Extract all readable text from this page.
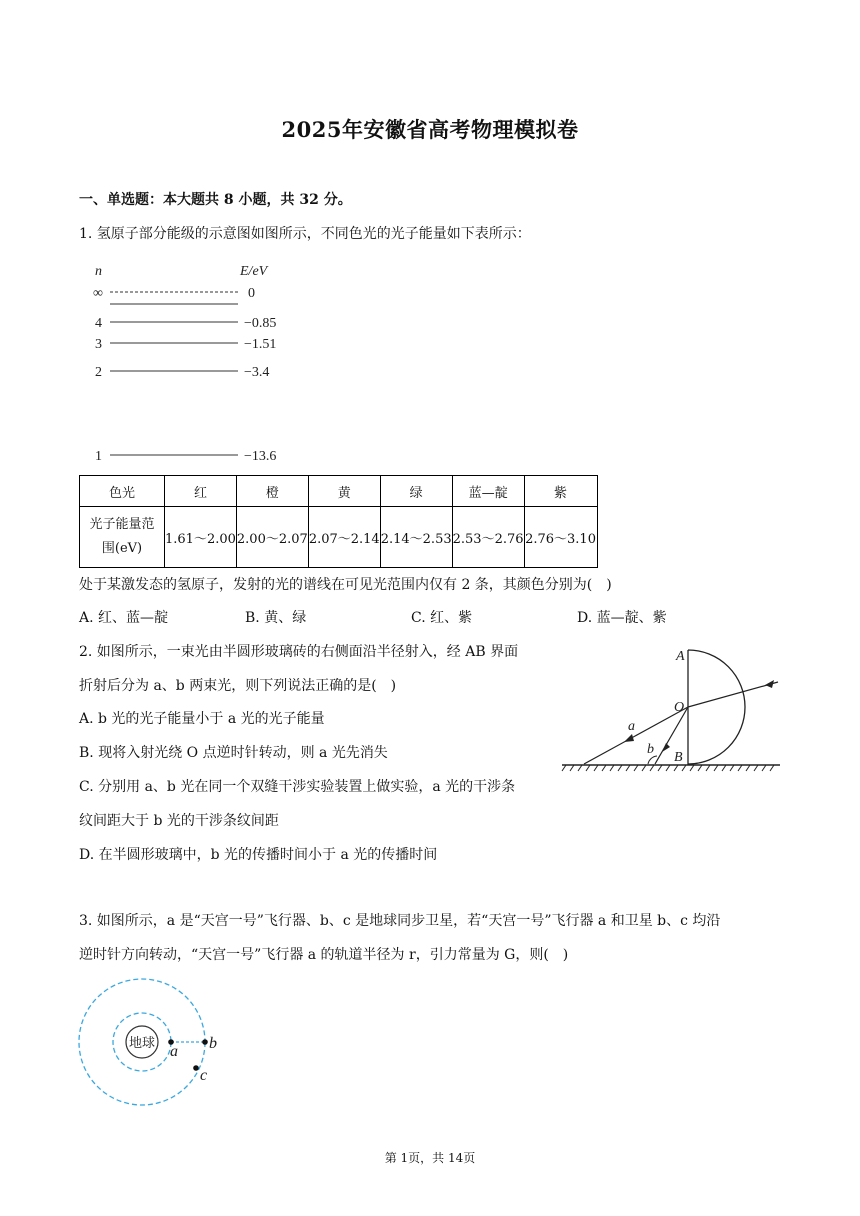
2025年安徽省高考物理模拟卷
一、单选题：本大题共 8 小题，共 32 分。
1. 氢原子部分能级的示意图如图所示，不同色光的光子能量如下表所示：
n	E/eV
∞	0
4	−0.85
3	−1.51
2	−3.4
1	−13.6
色光	红	橙	黄	绿	蓝—靛	紫

光子能量范
围(eV)	1.61～2.00	2.00～2.07	2.07～2.14	2.14～2.53	2.53～2.76	2.76～3.10
处于某激发态的氢原子，发射的光的谱线在可见光范围内仅有 2 条，其颜色分别为(　)
A. 红、蓝—靛	B. 黄、绿	C. 红、紫	D. 蓝—靛、紫
2. 如图所示，一束光由半圆形玻璃砖的右侧面沿半径射入，经 AB 界面
折射后分为 a、b 两束光，则下列说法正确的是(　)
A. b 光的光子能量小于 a 光的光子能量
B. 现将入射光绕 O 点逆时针转动，则 a 光先消失
C. 分别用 a、b 光在同一个双缝干涉实验装置上做实验，a 光的干涉条
纹间距大于 b 光的干涉条纹间距
D. 在半圆形玻璃中，b 光的传播时间小于 a 光的传播时间
A
O
B
a
b
3. 如图所示，a 是“天宫一号”飞行器、b、c 是地球同步卫星，若“天宫一号”飞行器 a 和卫星 b、c 均沿
逆时针方向转动，“天宫一号”飞行器 a 的轨道半径为 r，引力常量为 G，则(　)
地球
a b
c
第 1页，共 14页
